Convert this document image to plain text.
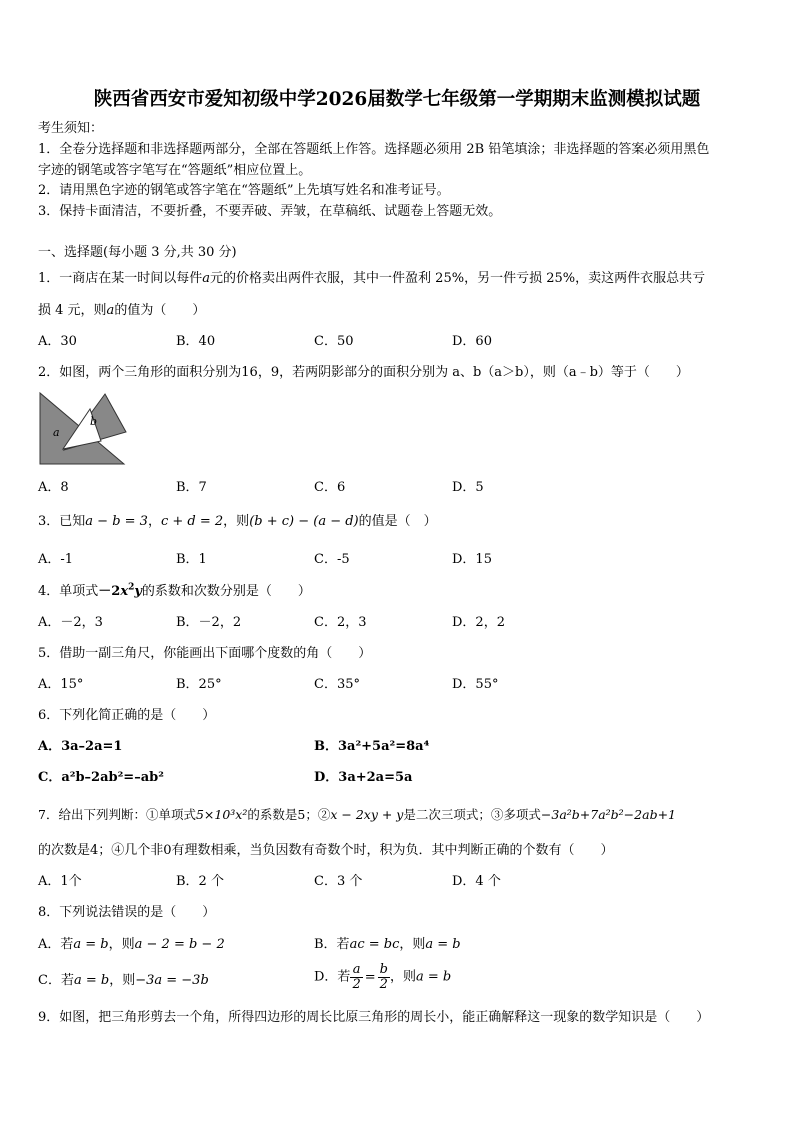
陕西省西安市爱知初级中学2026届数学七年级第一学期期末监测模拟试题
考生须知：
1．全卷分选择题和非选择题两部分，全部在答题纸上作答。选择题必须用 2B 铅笔填涂；非选择题的答案必须用黑色
字迹的钢笔或答字笔写在“答题纸”相应位置上。
2．请用黑色字迹的钢笔或答字笔在“答题纸”上先填写姓名和准考证号。
3．保持卡面清洁，不要折叠，不要弄破、弄皱，在草稿纸、试题卷上答题无效。
一、选择题(每小题 3 分,共 30 分)
1．一商店在某一时间以每件a元的价格卖出两件衣服，其中一件盈利 25%，另一件亏损 25%，卖这两件衣服总共亏
损 4 元，则a的值为（　　）
A．30	B．40	C．50	D．60
2．如图，两个三角形的面积分别为16，9，若两阴影部分的面积分别为 a、b（a＞b），则（a﹣b）等于（　　）
a
b
A．8	B．7	C．6	D．5
3．已知a − b = 3，c + d = 2，则(b + c) − (a − d)的值是（　）
A．-1	B．1	C．-5	D．15
4．单项式$-2x^2y$的系数和次数分别是（　　）
A．－2，3	B．－2，2	C．2，3	D．2，2
5．借助一副三角尺，你能画出下面哪个度数的角（　　）
A．15°	B．25°	C．35°	D．55°
6．下列化简正确的是（　　）
A．3a–2a=1	B．3a²+5a²=8a⁴
C．a²b–2ab²=–ab²	D．3a+2a=5a
7．给出下列判断：①单项式5×10³x²的系数是5；②x − 2xy + y是二次三项式；③多项式−3a²b+7a²b²−2ab+1
的次数是4；④几个非0有理数相乘，当负因数有奇数个时，积为负．其中判断正确的个数有（　　）
A．1个	B．2 个	C．3 个	D．4 个
8．下列说法错误的是（　　）
A．若a = b，则a − 2 = b − 2	B．若ac = bc，则a = b
C．若a = b，则−3a = −3b	D．若 $\frac{a}{2} = \frac{b}{2}$ ，则a = b
9．如图，把三角形剪去一个角，所得四边形的周长比原三角形的周长小，能正确解释这一现象的数学知识是（　　）
